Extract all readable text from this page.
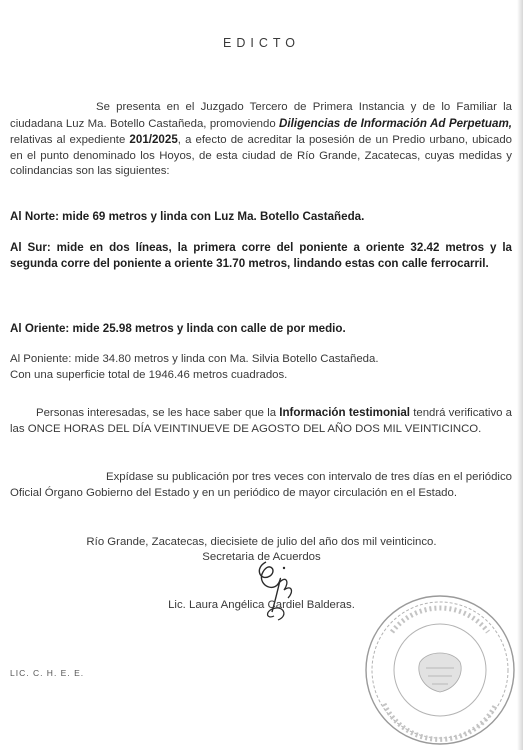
EDICTO
Se presenta en el Juzgado Tercero de Primera Instancia y de lo Familiar la ciudadana Luz Ma. Botello Castañeda, promoviendo Diligencias de Información Ad Perpetuam, relativas al expediente 201/2025, a efecto de acreditar la posesión de un Predio urbano, ubicado en el punto denominado los Hoyos, de esta ciudad de Río Grande, Zacatecas, cuyas medidas y colindancias son las siguientes:
Al Norte: mide 69 metros y linda con Luz Ma. Botello Castañeda.
Al Sur: mide en dos líneas, la primera corre del poniente a oriente 32.42 metros y la segunda corre del poniente a oriente 31.70 metros, lindando estas con calle ferrocarril.
Al Oriente: mide 25.98 metros y linda con calle de por medio.
Al Poniente: mide 34.80 metros y linda con Ma. Silvia Botello Castañeda.
Con una superficie total de 1946.46 metros cuadrados.
Personas interesadas, se les hace saber que la Información testimonial tendrá verificativo a las ONCE HORAS DEL DÍA VEINTINUEVE DE AGOSTO DEL AÑO DOS MIL VEINTICINCO.
Expídase su publicación por tres veces con intervalo de tres días en el periódico Oficial Órgano Gobierno del Estado y en un periódico de mayor circulación en el Estado.
Río Grande, Zacatecas, diecisiete de julio del año dos mil veinticinco.
Secretaria de Acuerdos
Lic. Laura Angélica Cardiel Balderas.
LIC. C. H. E. E.
